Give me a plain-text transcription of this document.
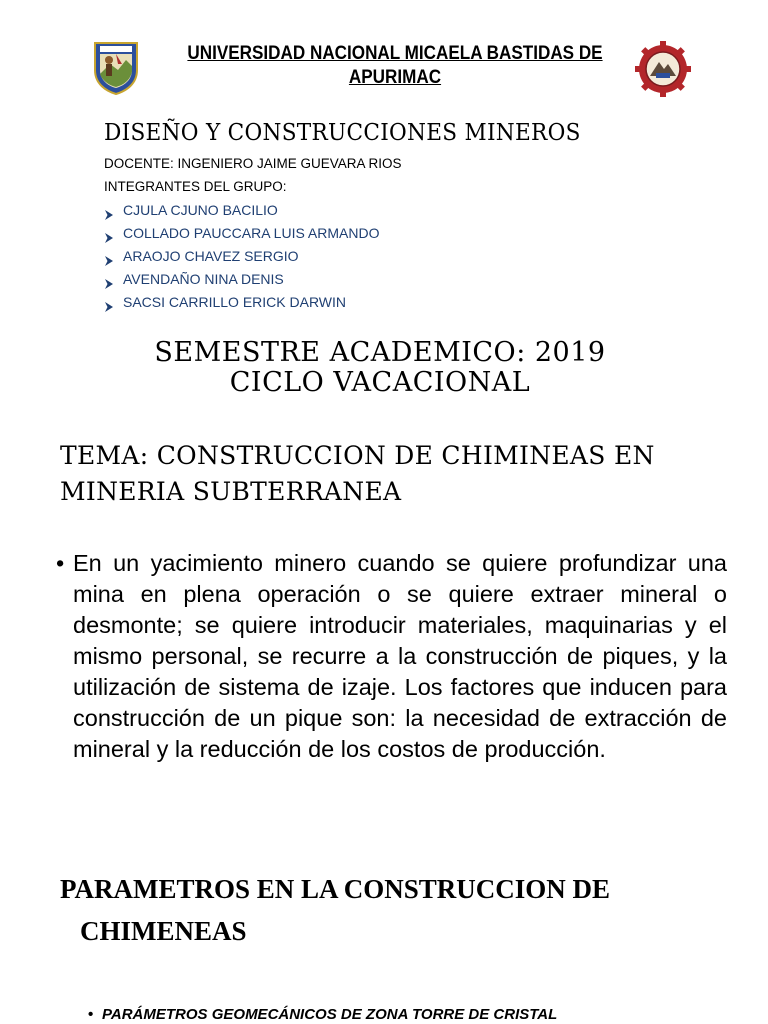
UNIVERSIDAD NACIONAL MICAELA BASTIDAS DE
APURIMAC
DISEÑO Y CONSTRUCCIONES MINEROS
DOCENTE: INGENIERO JAIME GUEVARA RIOS
INTEGRANTES DEL GRUPO:
CJULA CJUNO BACILIO
COLLADO PAUCCARA LUIS ARMANDO
ARAOJO CHAVEZ SERGIO
AVENDAÑO NINA DENIS
SACSI CARRILLO ERICK DARWIN
SEMESTRE ACADEMICO: 2019
CICLO VACACIONAL
TEMA: CONSTRUCCION DE CHIMINEAS EN
MINERIA SUBTERRANEA
• En un yacimiento minero cuando se quiere profundizar una mina en plena operación o se quiere extraer mineral o desmonte; se quiere introducir materiales, maquinarias y el mismo personal, se recurre a la construcción de piques, y la utilización de sistema de izaje. Los factores que inducen para construcción de un pique son: la necesidad de extracción de mineral y la reducción de los costos de producción.
PARAMETROS EN LA CONSTRUCCION DE
CHIMENEAS
• PARÁMETROS GEOMECÁNICOS DE ZONA TORRE DE CRISTAL
